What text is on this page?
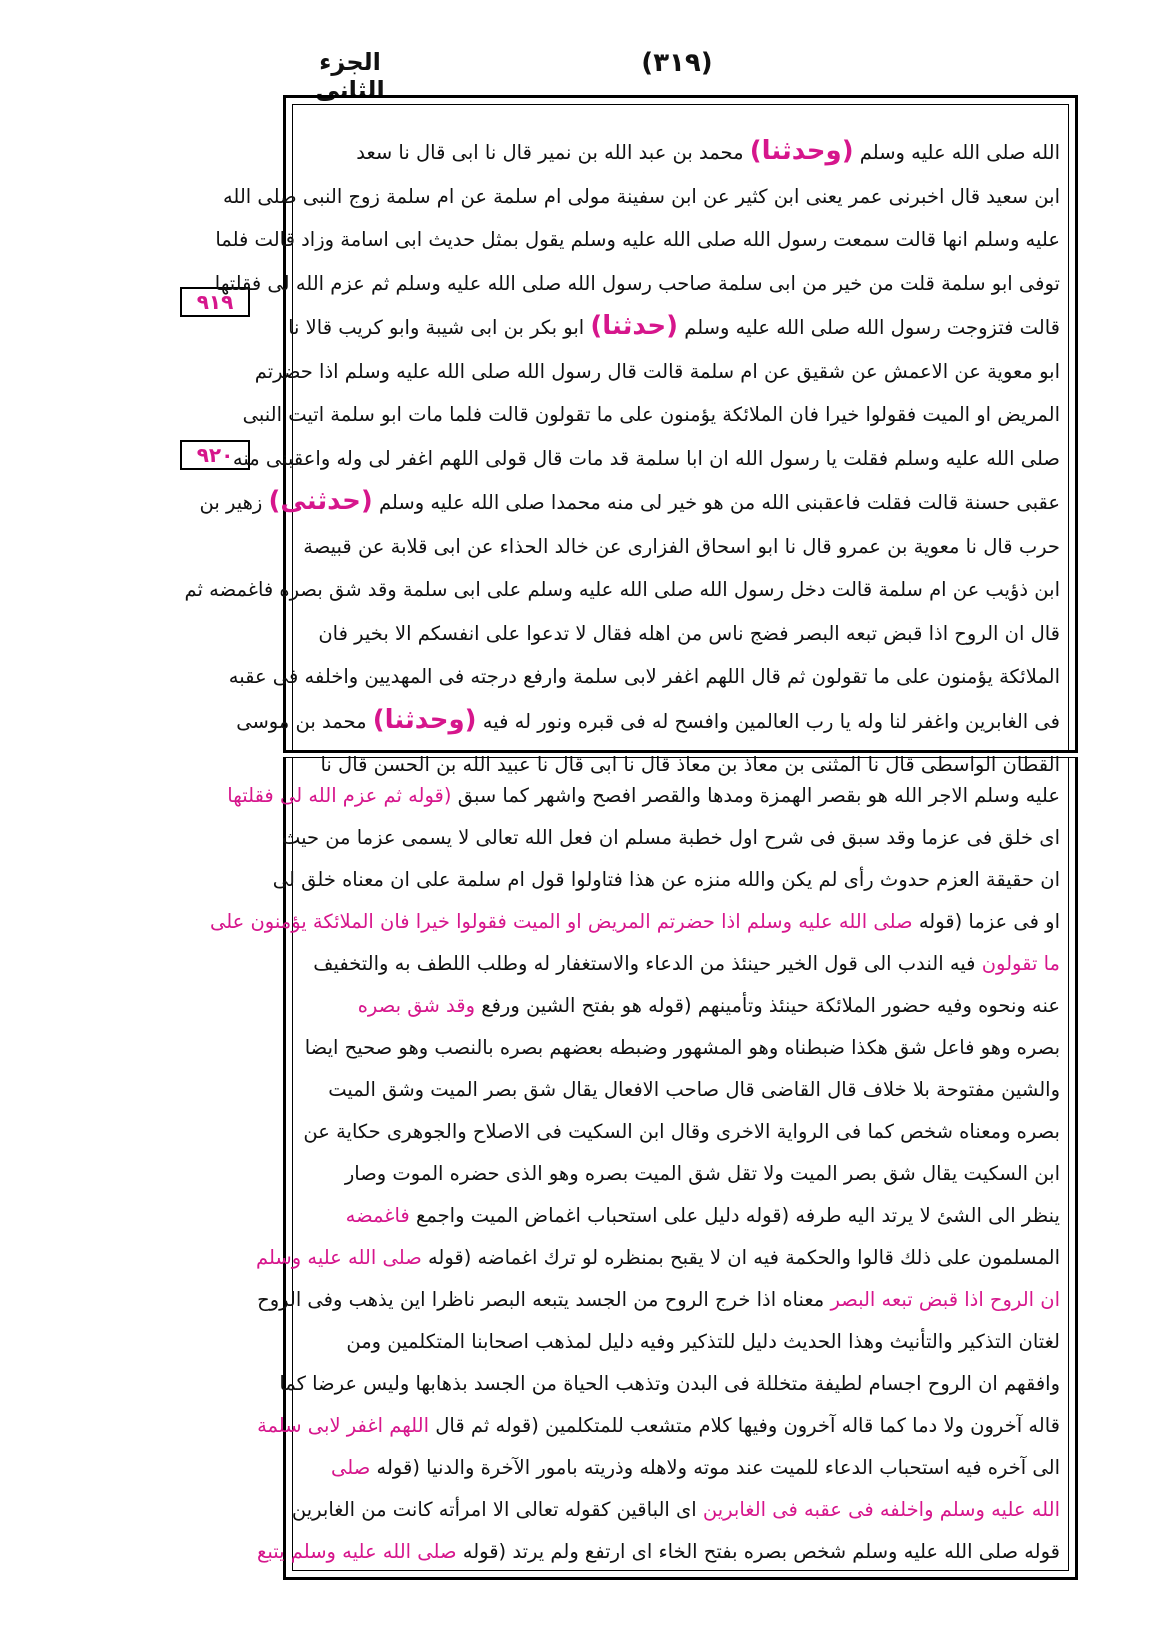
الجزء الثانى
(٣١٩)
٩١٩
٩٢٠
الله صلى الله عليه وسلم (وحدثنا) محمد بن عبد الله بن نمير قال نا ابى قال نا سعد
ابن سعيد قال اخبرنى عمر يعنى ابن كثير عن ابن سفينة مولى ام سلمة عن ام سلمة زوج النبى صلى الله
عليه وسلم انها قالت سمعت رسول الله صلى الله عليه وسلم يقول بمثل حديث ابى اسامة وزاد قالت فلما
توفى ابو سلمة قلت من خير من ابى سلمة صاحب رسول الله صلى الله عليه وسلم ثم عزم الله لى فقلتها
قالت فتزوجت رسول الله صلى الله عليه وسلم (حدثنا) ابو بكر بن ابى شيبة وابو كريب قالا نا
ابو معوية عن الاعمش عن شقيق عن ام سلمة قالت قال رسول الله صلى الله عليه وسلم اذا حضرتم
المريض او الميت فقولوا خيرا فان الملائكة يؤمنون على ما تقولون قالت فلما مات ابو سلمة اتيت النبى
صلى الله عليه وسلم فقلت يا رسول الله ان ابا سلمة قد مات قال قولى اللهم اغفر لى وله واعقبنى منه
عقبى حسنة قالت فقلت فاعقبنى الله من هو خير لى منه محمدا صلى الله عليه وسلم (حدثنى) زهير بن
حرب قال نا معوية بن عمرو قال نا ابو اسحاق الفزارى عن خالد الحذاء عن ابى قلابة عن قبيصة
ابن ذؤيب عن ام سلمة قالت دخل رسول الله صلى الله عليه وسلم على ابى سلمة وقد شق بصره فاغمضه ثم
قال ان الروح اذا قبض تبعه البصر فضج ناس من اهله فقال لا تدعوا على انفسكم الا بخير فان
الملائكة يؤمنون على ما تقولون ثم قال اللهم اغفر لابى سلمة وارفع درجته فى المهديين واخلفه فى عقبه
فى الغابرين واغفر لنا وله يا رب العالمين وافسح له فى قبره ونور له فيه (وحدثنا) محمد بن موسى
القطان الواسطى قال نا المثنى بن معاذ بن معاذ قال نا ابى قال نا عبيد الله بن الحسن قال نا
عليه وسلم الاجر الله هو بقصر الهمزة ومدها والقصر افصح واشهر كما سبق (قوله ثم عزم الله لى فقلتها
اى خلق فى عزما وقد سبق فى شرح اول خطبة مسلم ان فعل الله تعالى لا يسمى عزما من حيث
ان حقيقة العزم حدوث رأى لم يكن والله منزه عن هذا فتاولوا قول ام سلمة على ان معناه خلق لى
او فى عزما (قوله صلى الله عليه وسلم اذا حضرتم المريض او الميت فقولوا خيرا فان الملائكة يؤمنون على
ما تقولون فيه الندب الى قول الخير حينئذ من الدعاء والاستغفار له وطلب اللطف به والتخفيف
عنه ونحوه وفيه حضور الملائكة حينئذ وتأمينهم (قوله هو بفتح الشين ورفع وقد شق بصره
بصره وهو فاعل شق هكذا ضبطناه وهو المشهور وضبطه بعضهم بصره بالنصب وهو صحيح ايضا
والشين مفتوحة بلا خلاف قال القاضى قال صاحب الافعال يقال شق بصر الميت وشق الميت
بصره ومعناه شخص كما فى الرواية الاخرى وقال ابن السكيت فى الاصلاح والجوهرى حكاية عن
ابن السكيت يقال شق بصر الميت ولا تقل شق الميت بصره وهو الذى حضره الموت وصار
ينظر الى الشئ لا يرتد اليه طرفه (قوله دليل على استحباب اغماض الميت واجمع فاغمضه
المسلمون على ذلك قالوا والحكمة فيه ان لا يقبح بمنظره لو ترك اغماضه (قوله صلى الله عليه وسلم
ان الروح اذا قبض تبعه البصر معناه اذا خرج الروح من الجسد يتبعه البصر ناظرا اين يذهب وفى الروح
لغتان التذكير والتأنيث وهذا الحديث دليل للتذكير وفيه دليل لمذهب اصحابنا المتكلمين ومن
وافقهم ان الروح اجسام لطيفة متخللة فى البدن وتذهب الحياة من الجسد بذهابها وليس عرضا كما
قاله آخرون ولا دما كما قاله آخرون وفيها كلام متشعب للمتكلمين (قوله ثم قال اللهم اغفر لابى سلمة
الى آخره فيه استحباب الدعاء للميت عند موته ولاهله وذريته بامور الآخرة والدنيا (قوله صلى
الله عليه وسلم واخلفه فى عقبه فى الغابرين اى الباقين كقوله تعالى الا امرأته كانت من الغابرين
قوله صلى الله عليه وسلم شخص بصره بفتح الخاء اى ارتفع ولم يرتد (قوله صلى الله عليه وسلم يتبع
